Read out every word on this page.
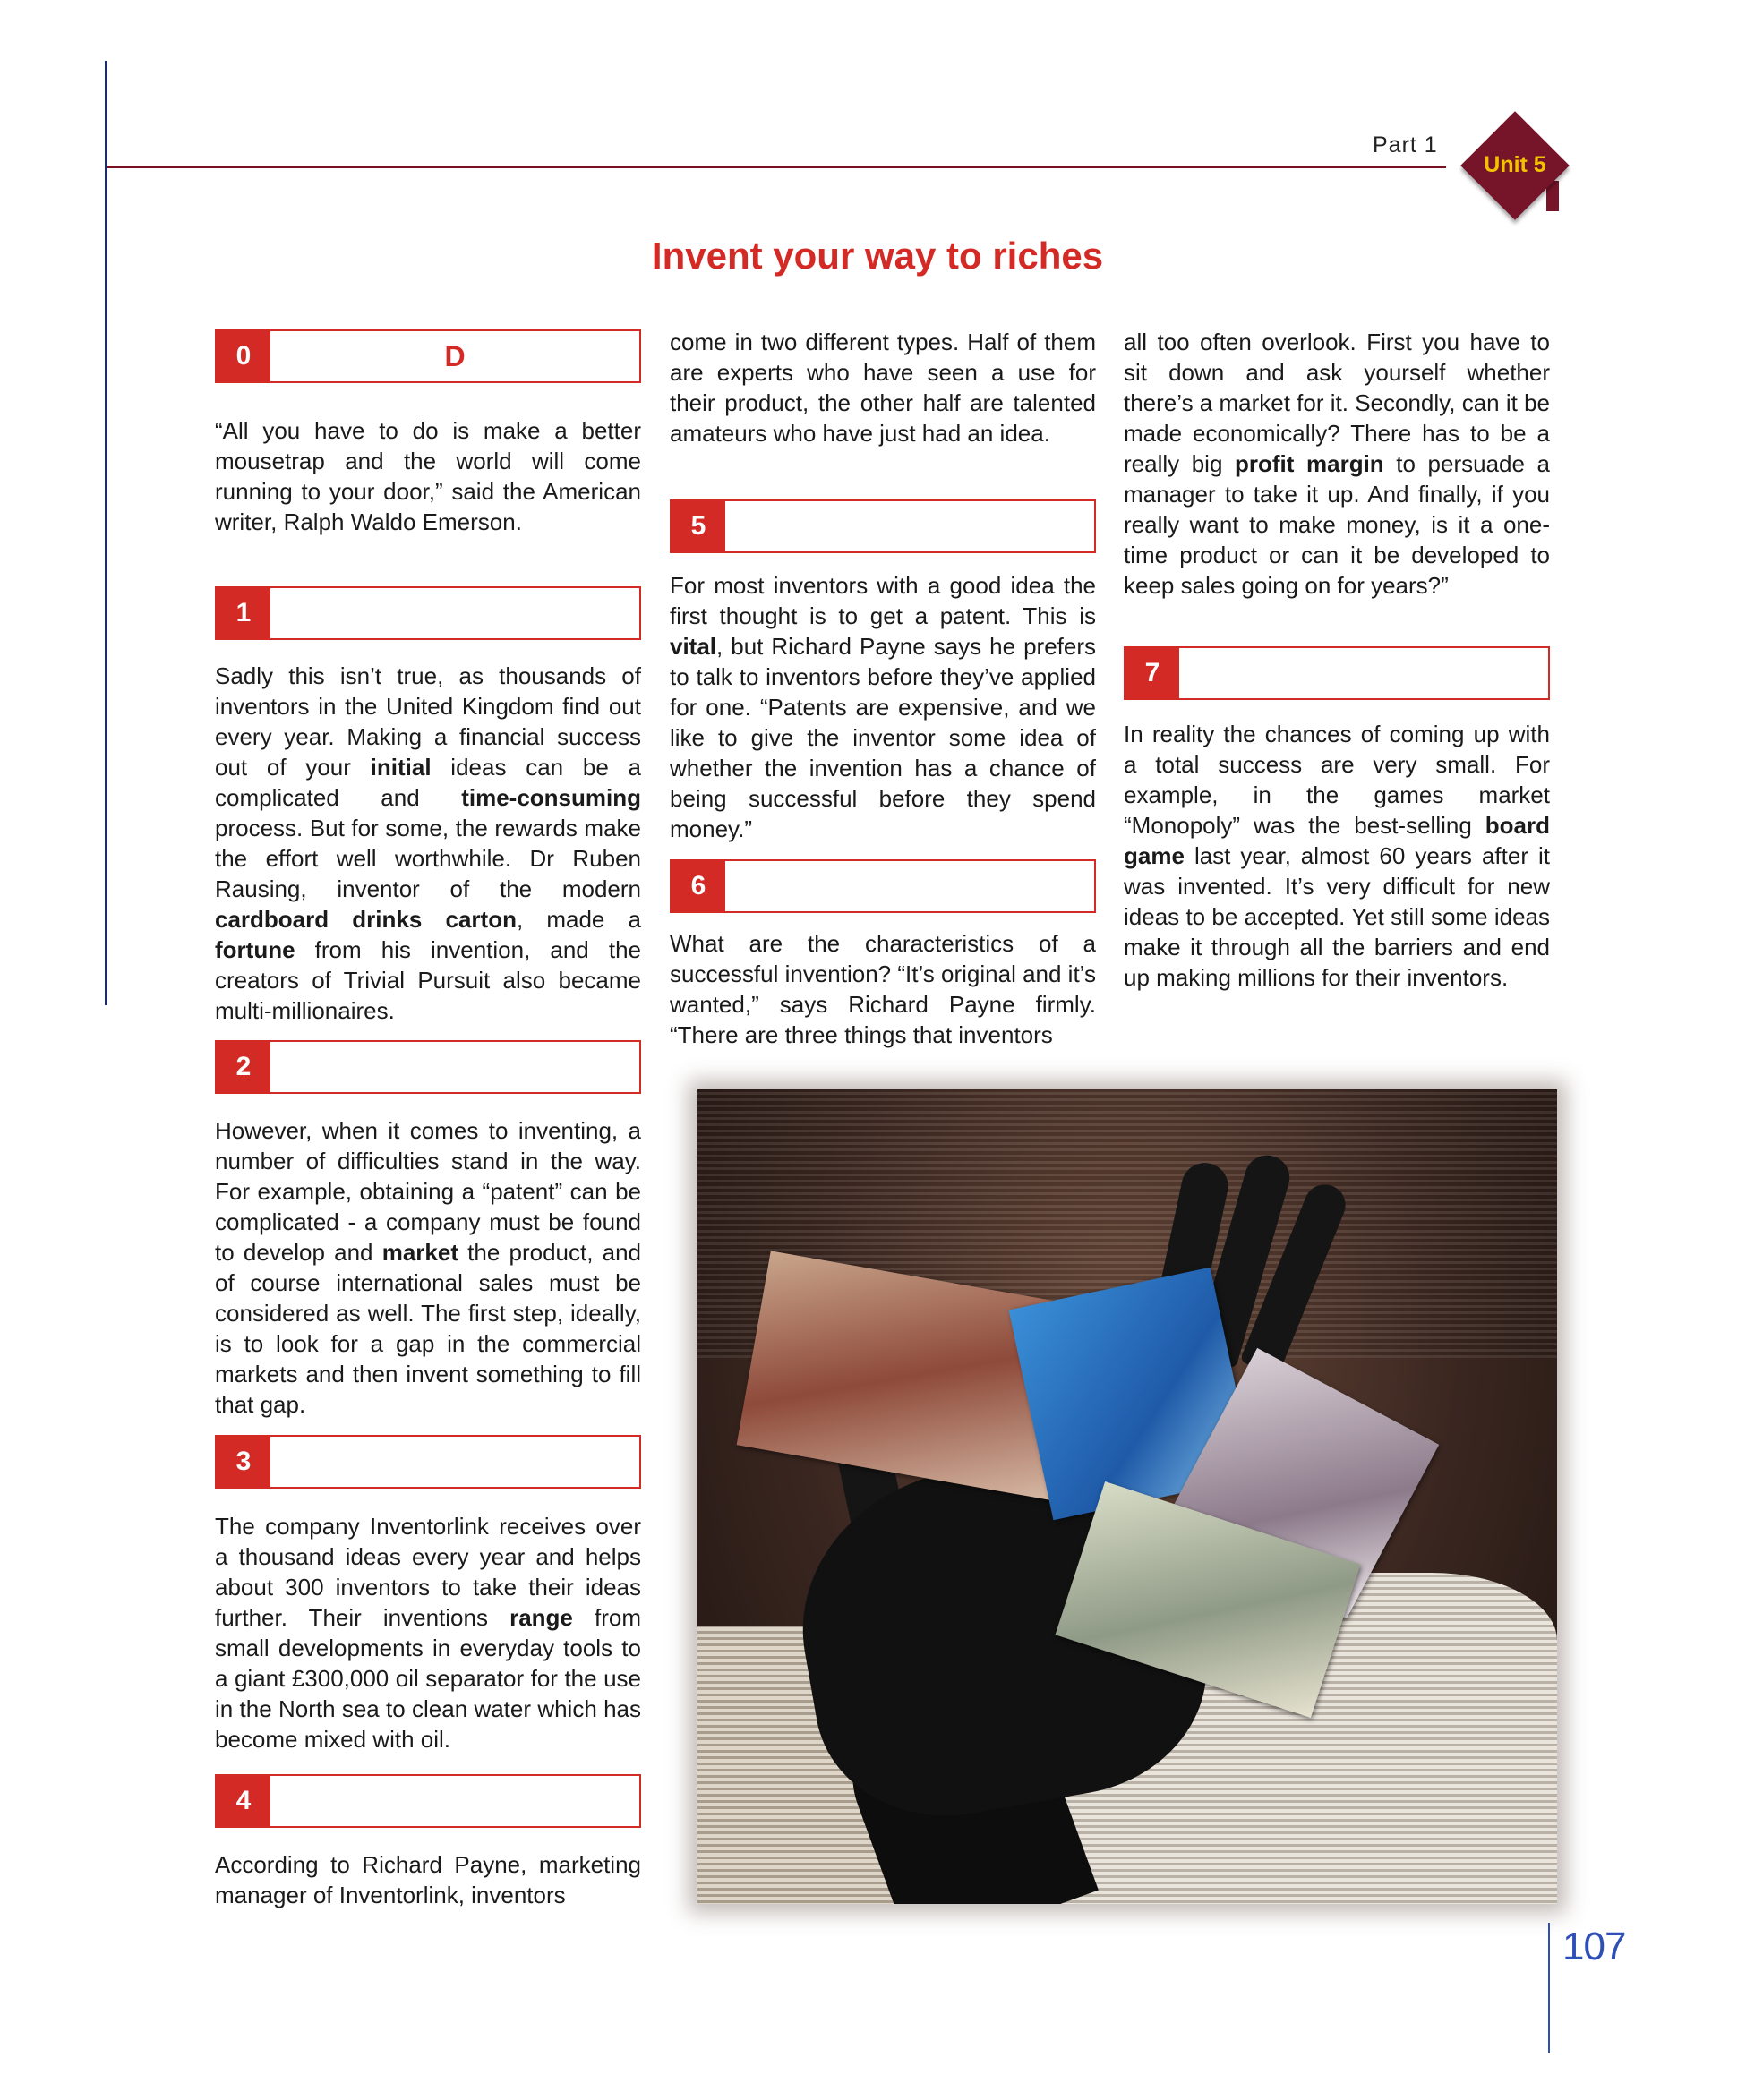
Part 1
Unit 5
Invent your way to riches
0	D

“All you have to do is make a better mousetrap and the world will come running to your door,” said the American writer, Ralph Waldo Emerson.

1

Sadly this isn’t true, as thousands of inventors in the United Kingdom find out every year. Making a financial success out of your initial ideas can be a complicated and time-consuming process. But for some, the rewards make the effort well worthwhile. Dr Ruben Rausing, inventor of the modern cardboard drinks carton, made a fortune from his invention, and the creators of Trivial Pursuit also became multi-millionaires.

2

However, when it comes to inventing, a number of difficulties stand in the way. For example, obtaining a “patent” can be complicated - a company must be found to develop and market the product, and of course international sales must be considered as well. The first step, ideally, is to look for a gap in the commercial markets and then invent something to fill that gap.

3

The company Inventorlink receives over a thousand ideas every year and helps about 300 inventors to take their ideas further. Their inventions range from small developments in everyday tools to a giant £300,000 oil separator for the use in the North sea to clean water which has become mixed with oil.

4

According to Richard Payne, marketing manager of Inventorlink, inventors

come in two different types. Half of them are experts who have seen a use for their product, the other half are talented amateurs who have just had an idea.

5

For most inventors with a good idea the first thought is to get a patent. This is vital, but Richard Payne says he prefers to talk to inventors before they’ve applied for one. “Patents are expensive, and we like to give the inventor some idea of whether the invention has a chance of being successful before they spend money.”

6

What are the characteristics of a successful invention? “It’s original and it’s wanted,” says Richard Payne firmly. “There are three things that inventors

all too often overlook. First you have to sit down and ask yourself whether there’s a market for it. Secondly, can it be made economically? There has to be a really big profit margin to persuade a manager to take it up. And finally, if you really want to make money, is it a one-time product or can it be developed to keep sales going on for years?”

7

In reality the chances of coming up with a total success are very small. For example, in the games market “Monopoly” was the best-selling board game last year, almost 60 years after it was invented. It’s very difficult for new ideas to be accepted. Yet still some ideas make it through all the barriers and end up making millions for their inventors.

107
